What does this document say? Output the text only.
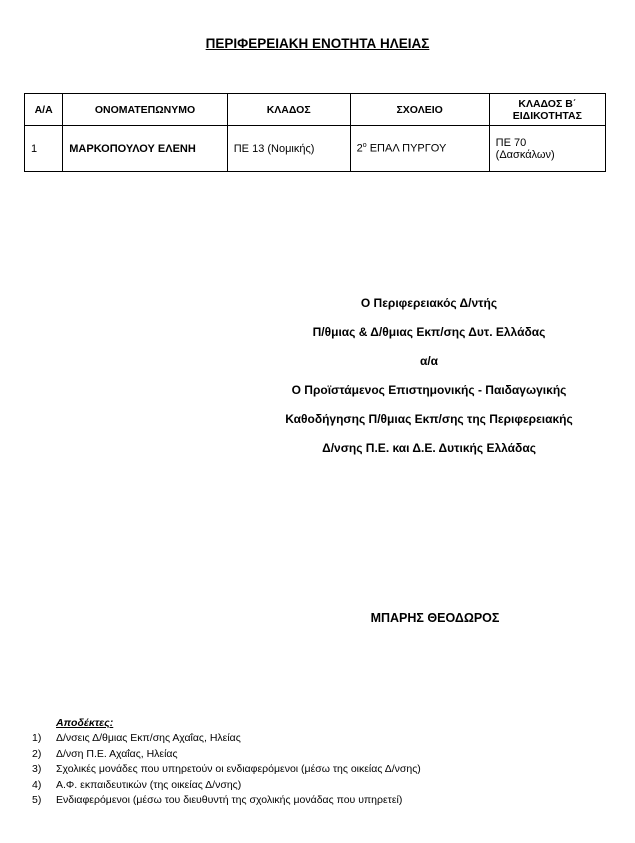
ΠΕΡΙΦΕΡΕΙΑΚΗ ΕΝΟΤΗΤΑ ΗΛΕΙΑΣ
Α/Α	ΟΝΟΜΑΤΕΠΩΝΥΜΟ	ΚΛΑΔΟΣ	ΣΧΟΛΕΙΟ	ΚΛΑΔΟΣ Β΄ ΕΙΔΙΚΟΤΗΤΑΣ
1	ΜΑΡΚΟΠΟΥΛΟΥ ΕΛΕΝΗ	ΠΕ 13 (Νομικής)	$2^o$ ΕΠΑΛ ΠΥΡΓΟΥ	ΠΕ 70
(Δασκάλων)
Ο Περιφερειακός Δ/ντής
Π/θμιας & Δ/θμιας Εκπ/σης Δυτ. Ελλάδας
α/α
Ο Προϊστάμενος Επιστημονικής - Παιδαγωγικής
Καθοδήγησης Π/θμιας Εκπ/σης της Περιφερειακής
Δ/νσης Π.Ε. και Δ.Ε. Δυτικής Ελλάδας
ΜΠΑΡΗΣ ΘΕΟΔΩΡΟΣ
Αποδέκτες:
1) Δ/νσεις Δ/θμιας Εκπ/σης Αχαΐας, Ηλείας
2) Δ/νση Π.Ε. Αχαΐας, Ηλείας
3) Σχολικές μονάδες που υπηρετούν οι ενδιαφερόμενοι (μέσω της οικείας Δ/νσης)
4) Α.Φ. εκπαιδευτικών (της οικείας Δ/νσης)
5) Ενδιαφερόμενοι (μέσω του διευθυντή της σχολικής μονάδας που υπηρετεί)
